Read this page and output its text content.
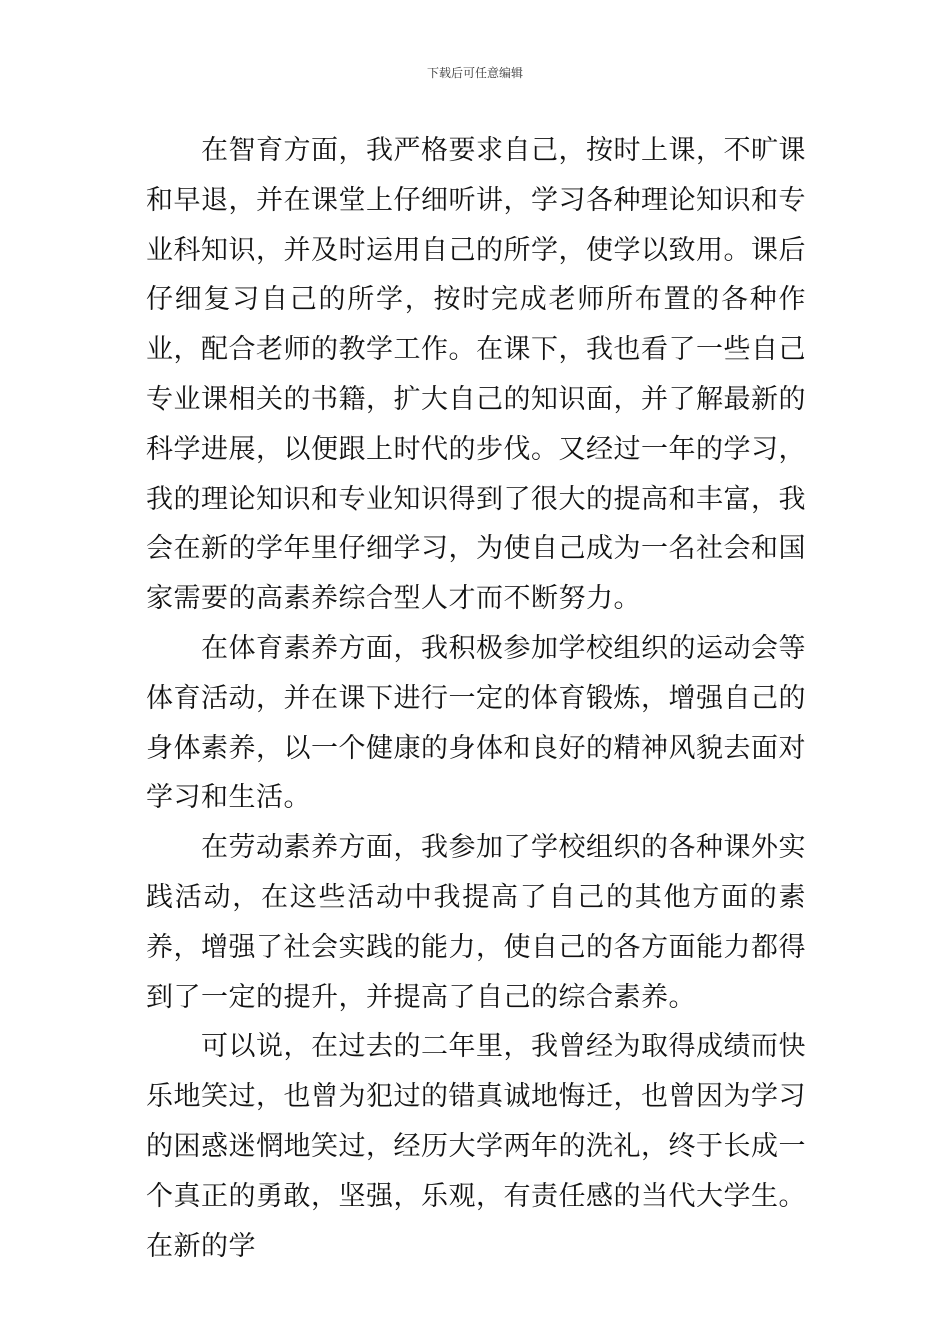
下载后可任意编辑

在智育方面，我严格要求自己，按时上课，不旷课和早退，并在课堂上仔细听讲，学习各种理论知识和专业科知识，并及时运用自己的所学，使学以致用。课后仔细复习自己的所学，按时完成老师所布置的各种作业，配合老师的教学工作。在课下，我也看了一些自己专业课相关的书籍，扩大自己的知识面，并了解最新的科学进展，以便跟上时代的步伐。又经过一年的学习，我的理论知识和专业知识得到了很大的提高和丰富，我会在新的学年里仔细学习，为使自己成为一名社会和国家需要的高素养综合型人才而不断努力。

在体育素养方面，我积极参加学校组织的运动会等体育活动，并在课下进行一定的体育锻炼，增强自己的身体素养，以一个健康的身体和良好的精神风貌去面对学习和生活。

在劳动素养方面，我参加了学校组织的各种课外实践活动，在这些活动中我提高了自己的其他方面的素养，增强了社会实践的能力，使自己的各方面能力都得到了一定的提升，并提高了自己的综合素养。

可以说，在过去的二年里，我曾经为取得成绩而快乐地笑过，也曾为犯过的错真诚地悔迁，也曾因为学习的困惑迷惘地笑过，经历大学两年的洗礼，终于长成一个真正的勇敢，坚强，乐观，有责任感的当代大学生。在新的学
